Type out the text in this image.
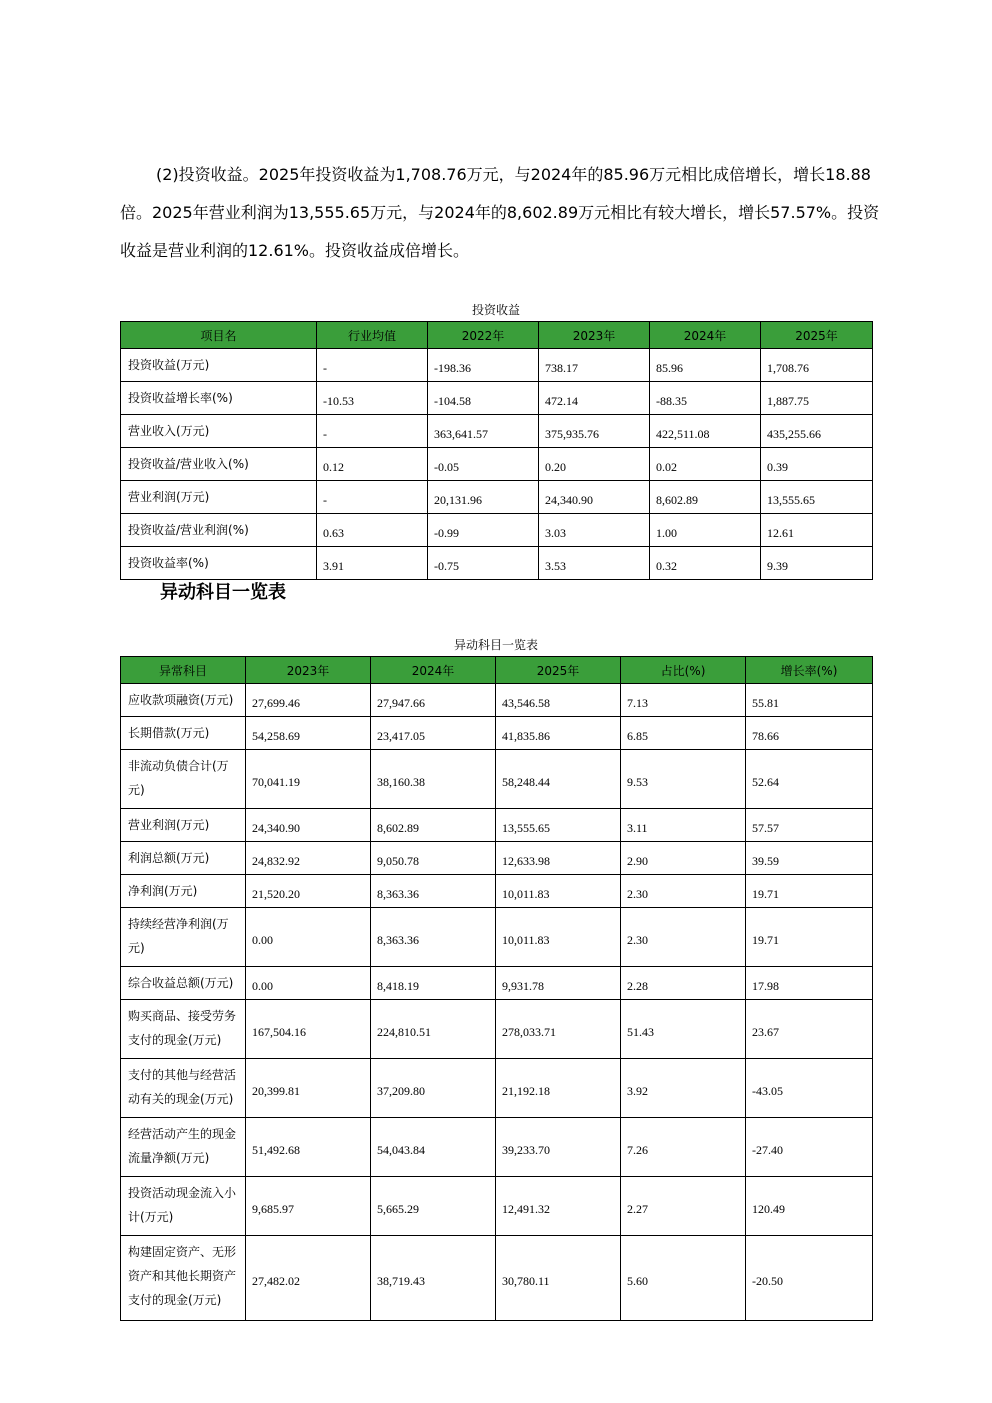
(2)投资收益。2025年投资收益为1,708.76万元，与2024年的85.96万元相比成倍增长，增长18.88倍。2025年营业利润为13,555.65万元，与2024年的8,602.89万元相比有较大增长，增长57.57%。投资收益是营业利润的12.61%。投资收益成倍增长。

投资收益
项目名	行业均值	2022年	2023年	2024年	2025年
投资收益(万元)	-	-198.36	738.17	85.96	1,708.76
投资收益增长率(%)	-10.53	-104.58	472.14	-88.35	1,887.75
营业收入(万元)	-	363,641.57	375,935.76	422,511.08	435,255.66
投资收益/营业收入(%)	0.12	-0.05	0.20	0.02	0.39
营业利润(万元)	-	20,131.96	24,340.90	8,602.89	13,555.65
投资收益/营业利润(%)	0.63	-0.99	3.03	1.00	12.61
投资收益率(%)	3.91	-0.75	3.53	0.32	9.39
异动科目一览表
异动科目一览表
异常科目	2023年	2024年	2025年	占比(%)	增长率(%)
应收款项融资(万元)	27,699.46	27,947.66	43,546.58	7.13	55.81
长期借款(万元)	54,258.69	23,417.05	41,835.86	6.85	78.66
非流动负债合计(万元)	70,041.19	38,160.38	58,248.44	9.53	52.64
营业利润(万元)	24,340.90	8,602.89	13,555.65	3.11	57.57
利润总额(万元)	24,832.92	9,050.78	12,633.98	2.90	39.59
净利润(万元)	21,520.20	8,363.36	10,011.83	2.30	19.71
持续经营净利润(万元)	0.00	8,363.36	10,011.83	2.30	19.71
综合收益总额(万元)	0.00	8,418.19	9,931.78	2.28	17.98
购买商品、接受劳务支付的现金(万元)	167,504.16	224,810.51	278,033.71	51.43	23.67
支付的其他与经营活动有关的现金(万元)	20,399.81	37,209.80	21,192.18	3.92	-43.05
经营活动产生的现金流量净额(万元)	51,492.68	54,043.84	39,233.70	7.26	-27.40
投资活动现金流入小计(万元)	9,685.97	5,665.29	12,491.32	2.27	120.49
构建固定资产、无形资产和其他长期资产支付的现金(万元)	27,482.02	38,719.43	30,780.11	5.60	-20.50
